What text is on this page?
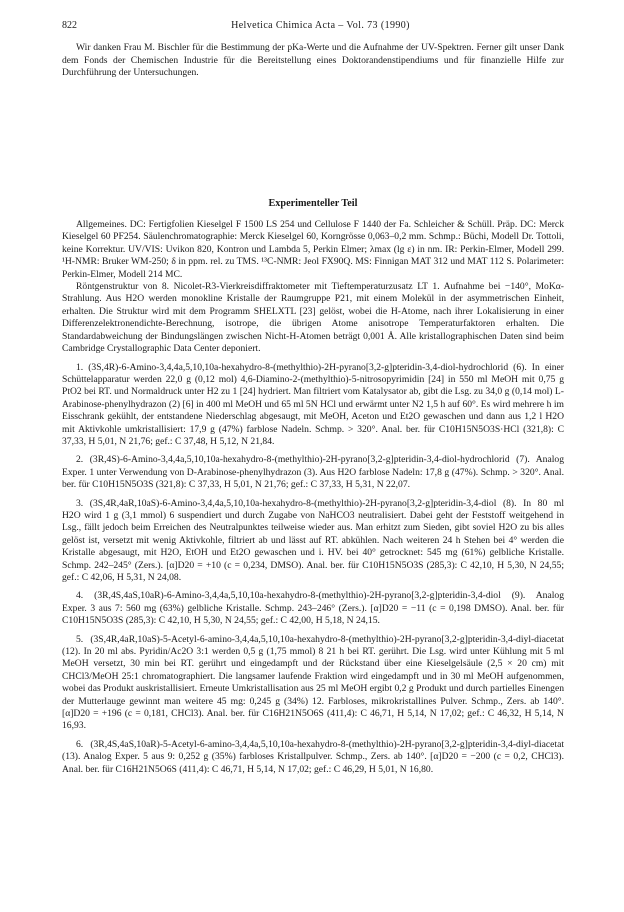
822	Helvetica Chimica Acta – Vol. 73 (1990)

Wir danken Frau M. Bischler für die Bestimmung der pKa-Werte und die Aufnahme der UV-Spektren. Ferner gilt unser Dank dem Fonds der Chemischen Industrie für die Bereitstellung eines Doktorandenstipendiums und für finanzielle Hilfe zur Durchführung der Untersuchungen.

Experimenteller Teil

Allgemeines. DC: Fertigfolien Kieselgel F 1500 LS 254 und Cellulose F 1440 der Fa. Schleicher & Schüll. Präp. DC: Merck Kieselgel 60 PF254. Säulenchromatographie: Merck Kieselgel 60, Korngrösse 0,063–0,2 mm. Schmp.: Büchi, Modell Dr. Tottoli, keine Korrektur. UV/VIS: Uvikon 820, Kontron und Lambda 5, Perkin Elmer; λmax (lg ε) in nm. IR: Perkin-Elmer, Modell 299. ¹H-NMR: Bruker WM-250; δ in ppm. rel. zu TMS. ¹³C-NMR: Jeol FX90Q. MS: Finnigan MAT 312 und MAT 112 S. Polarimeter: Perkin-Elmer, Modell 214 MC.

Röntgenstruktur von 8. Nicolet-R3-Vierkreisdiffraktometer mit Tieftemperaturzusatz LT 1. Aufnahme bei −140°, MoKα-Strahlung. Aus H2O werden monokline Kristalle der Raumgruppe P21, mit einem Molekül in der asymmetrischen Einheit, erhalten. Die Struktur wird mit dem Programm SHELXTL [23] gelöst, wobei die H-Atome, nach ihrer Lokalisierung in einer Differenzelektronendichte-Berechnung, isotrope, die übrigen Atome anisotrope Temperaturfaktoren erhalten. Die Standardabweichung der Bindungslängen zwischen Nicht-H-Atomen beträgt 0,001 Å. Alle kristallographischen Daten sind beim Cambridge Crystallographic Data Center deponiert.

1. (3S,4R)-6-Amino-3,4,4a,5,10,10a-hexahydro-8-(methylthio)-2H-pyrano[3,2-g]pteridin-3,4-diol-hydrochlorid (6). In einer Schüttelapparatur werden 22,0 g (0,12 mol) 4,6-Diamino-2-(methylthio)-5-nitrosopyrimidin [24] in 550 ml MeOH mit 0,75 g PtO2 bei RT. und Normaldruck unter H2 zu 1 [24] hydriert. Man filtriert vom Katalysator ab, gibt die Lsg. zu 34,0 g (0,14 mol) L-Arabinose-phenylhydrazon (2) [6] in 400 ml MeOH und 65 ml 5N HCl und erwärmt unter N2 1,5 h auf 60°. Es wird mehrere h im Eisschrank gekühlt, der entstandene Niederschlag abgesaugt, mit MeOH, Aceton und Et2O gewaschen und dann aus 1,2 l H2O mit Aktivkohle umkristallisiert: 17,9 g (47%) farblose Nadeln. Schmp. > 320°. Anal. ber. für C10H15N5O3S·HCl (321,8): C 37,33, H 5,01, N 21,76; gef.: C 37,48, H 5,12, N 21,84.

2. (3R,4S)-6-Amino-3,4,4a,5,10,10a-hexahydro-8-(methylthio)-2H-pyrano[3,2-g]pteridin-3,4-diol-hydrochlorid (7). Analog Exper. 1 unter Verwendung von D-Arabinose-phenylhydrazon (3). Aus H2O farblose Nadeln: 17,8 g (47%). Schmp. > 320°. Anal. ber. für C10H15N5O3S (321,8): C 37,33, H 5,01, N 21,76; gef.: C 37,33, H 5,31, N 22,07.

3. (3S,4R,4aR,10aS)-6-Amino-3,4,4a,5,10,10a-hexahydro-8-(methylthio)-2H-pyrano[3,2-g]pteridin-3,4-diol (8). In 80 ml H2O wird 1 g (3,1 mmol) 6 suspendiert und durch Zugabe von NaHCO3 neutralisiert. Dabei geht der Feststoff weitgehend in Lsg., fällt jedoch beim Erreichen des Neutralpunktes teilweise wieder aus. Man erhitzt zum Sieden, gibt soviel H2O zu bis alles gelöst ist, versetzt mit wenig Aktivkohle, filtriert ab und lässt auf RT. abkühlen. Nach weiteren 24 h Stehen bei 4° werden die Kristalle abgesaugt, mit H2O, EtOH und Et2O gewaschen und i. HV. bei 40° getrocknet: 545 mg (61%) gelbliche Kristalle. Schmp. 242–245° (Zers.). [α]D20 = +10 (c = 0,234, DMSO). Anal. ber. für C10H15N5O3S (285,3): C 42,10, H 5,30, N 24,55; gef.: C 42,06, H 5,31, N 24,08.

4. (3R,4S,4aS,10aR)-6-Amino-3,4,4a,5,10,10a-hexahydro-8-(methylthio)-2H-pyrano[3,2-g]pteridin-3,4-diol (9). Analog Exper. 3 aus 7: 560 mg (63%) gelbliche Kristalle. Schmp. 243–246° (Zers.). [α]D20 = −11 (c = 0,198 DMSO). Anal. ber. für C10H15N5O3S (285,3): C 42,10, H 5,30, N 24,55; gef.: C 42,00, H 5,18, N 24,15.

5. (3S,4R,4aR,10aS)-5-Acetyl-6-amino-3,4,4a,5,10,10a-hexahydro-8-(methylthio)-2H-pyrano[3,2-g]pteridin-3,4-diyl-diacetat (12). In 20 ml abs. Pyridin/Ac2O 3:1 werden 0,5 g (1,75 mmol) 8 21 h bei RT. gerührt. Die Lsg. wird unter Kühlung mit 5 ml MeOH versetzt, 30 min bei RT. gerührt und eingedampft und der Rückstand über eine Kieselgelsäule (2,5 × 20 cm) mit CHCl3/MeOH 25:1 chromatographiert. Die langsamer laufende Fraktion wird eingedampft und in 30 ml MeOH aufgenommen, wobei das Produkt auskristallisiert. Erneute Umkristallisation aus 25 ml MeOH ergibt 0,2 g Produkt und durch partielles Einengen der Mutterlauge gewinnt man weitere 45 mg: 0,245 g (34%) 12. Farbloses, mikrokristallines Pulver. Schmp., Zers. ab 140°. [α]D20 = +196 (c = 0,181, CHCl3). Anal. ber. für C16H21N5O6S (411,4): C 46,71, H 5,14, N 17,02; gef.: C 46,32, H 5,14, N 16,93.

6. (3R,4S,4aS,10aR)-5-Acetyl-6-amino-3,4,4a,5,10,10a-hexahydro-8-(methylthio)-2H-pyrano[3,2-g]pteridin-3,4-diyl-diacetat (13). Analog Exper. 5 aus 9: 0,252 g (35%) farbloses Kristallpulver. Schmp., Zers. ab 140°. [α]D20 = −200 (c = 0,2, CHCl3). Anal. ber. für C16H21N5O6S (411,4): C 46,71, H 5,14, N 17,02; gef.: C 46,29, H 5,01, N 16,80.
